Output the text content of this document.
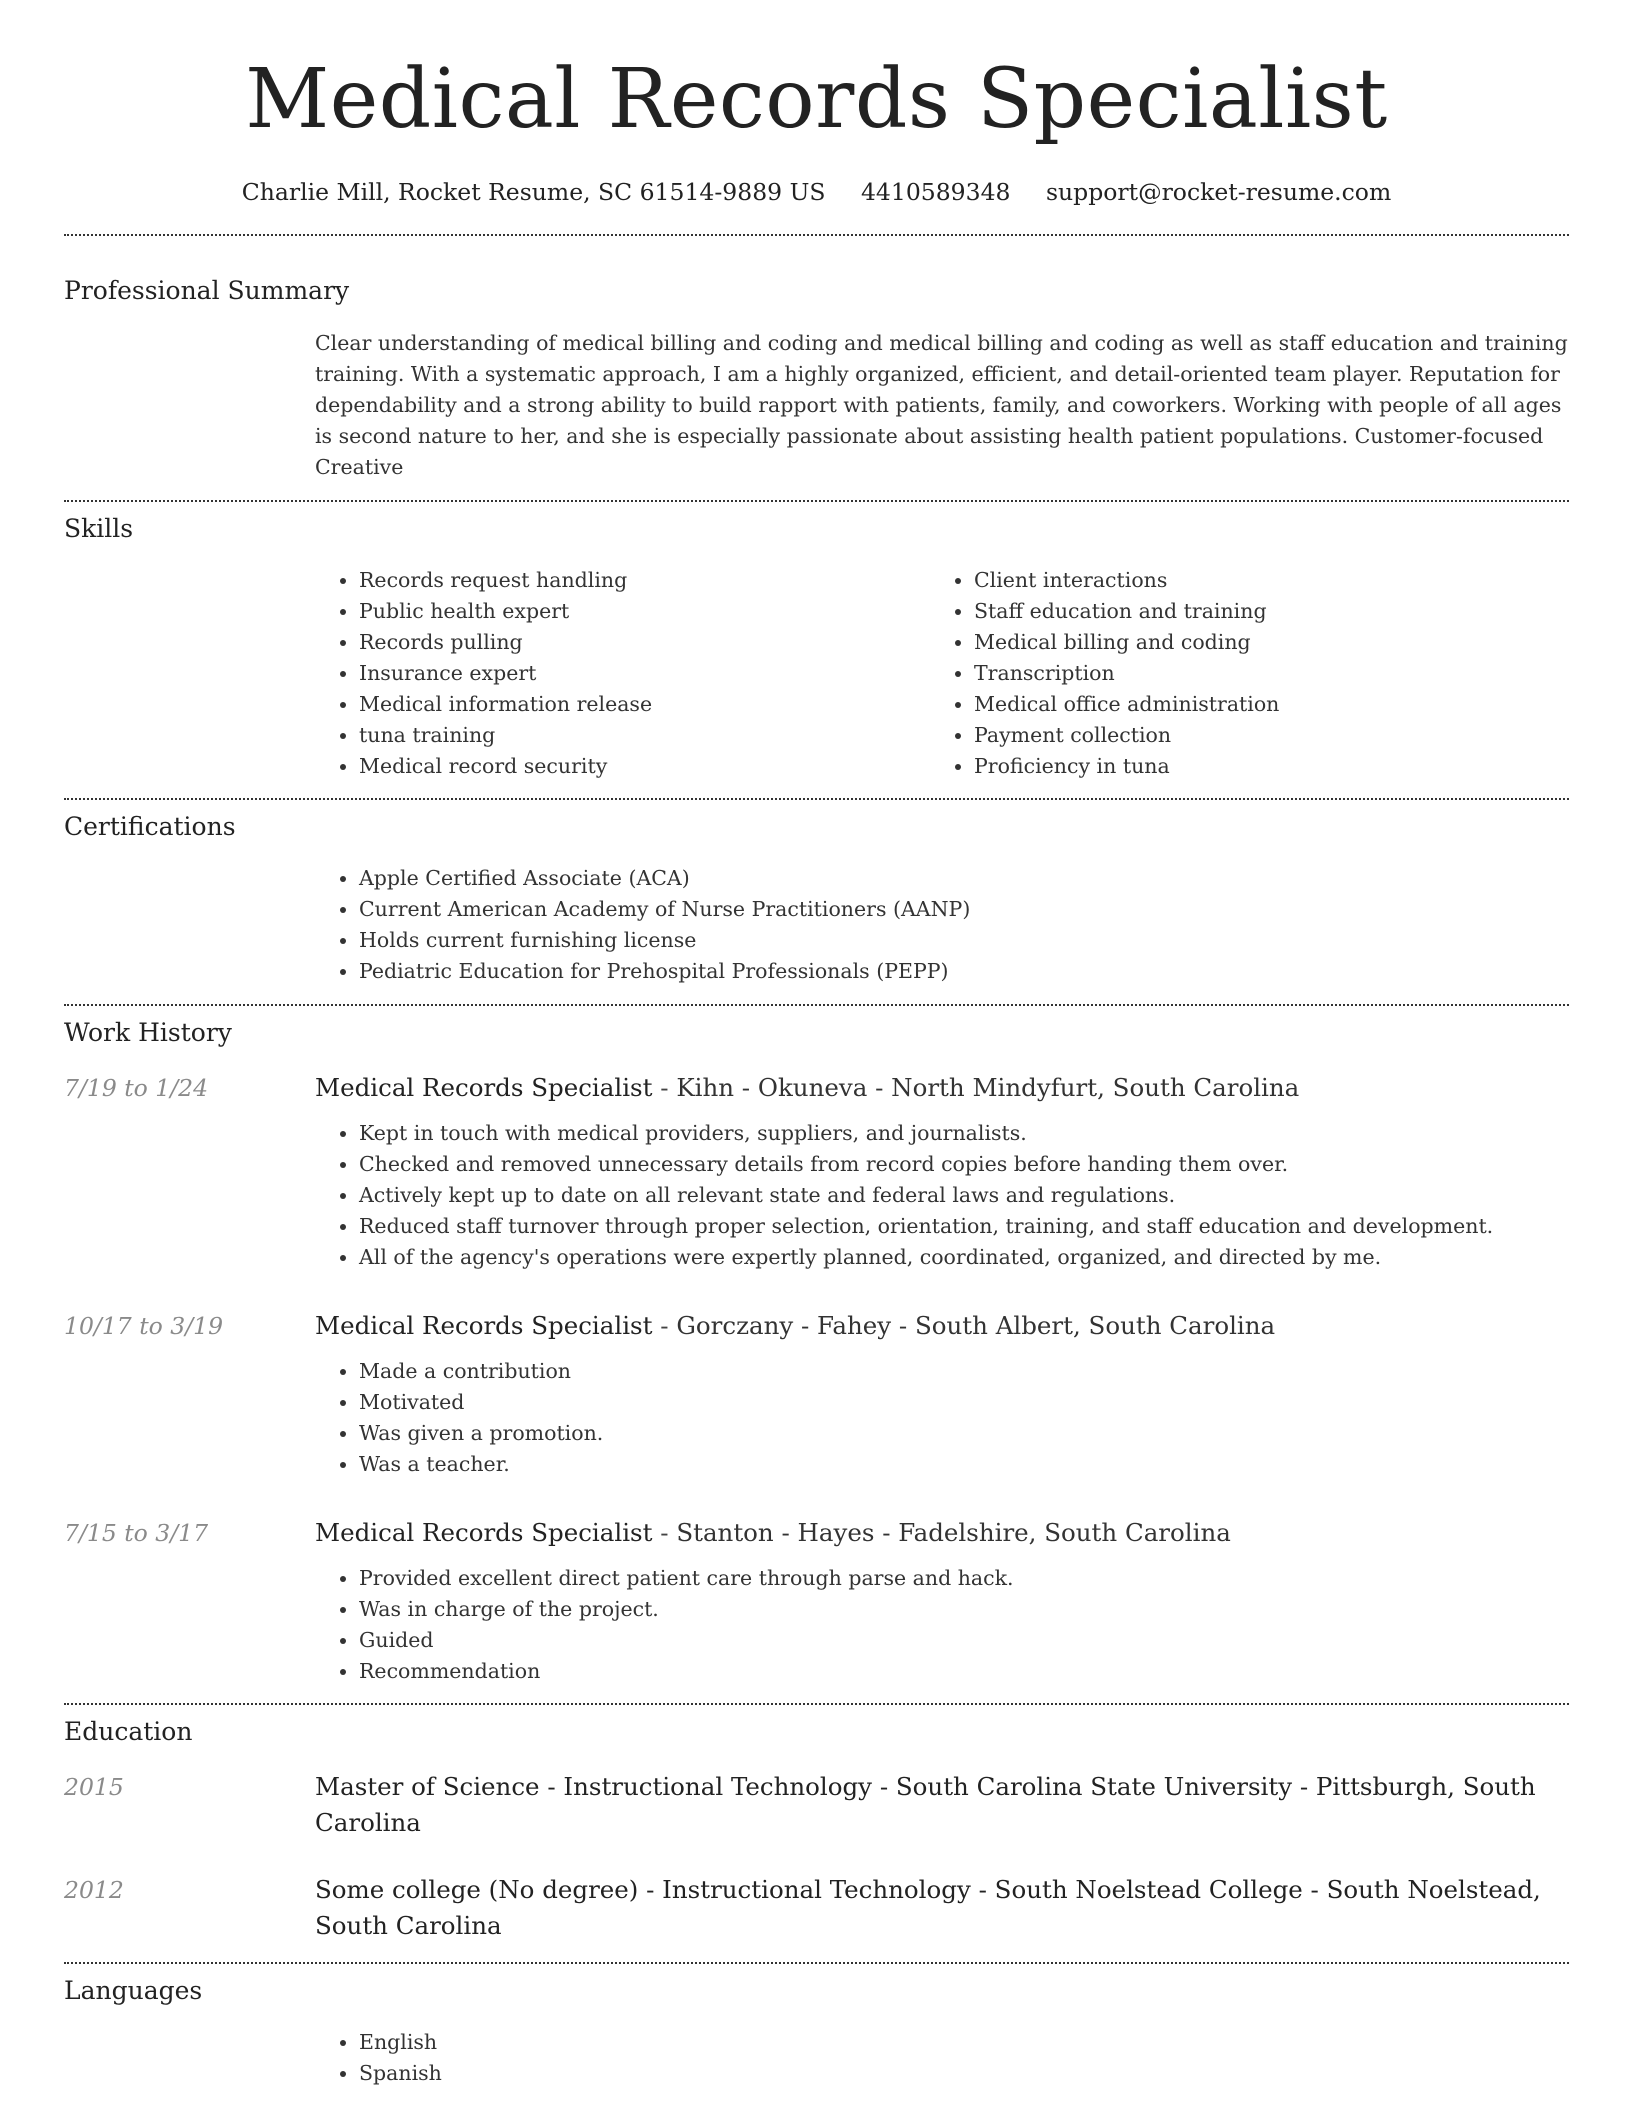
Medical Records Specialist
Charlie Mill, Rocket Resume, SC 61514-9889 US 4410589348 support@rocket-resume.com
Professional Summary

Clear understanding of medical billing and coding and medical billing and coding as well as staff education and training training. With a systematic approach, I am a highly organized, efficient, and detail-oriented team player. Reputation for dependability and a strong ability to build rapport with patients, family, and coworkers. Working with people of all ages is second nature to her, and she is especially passionate about assisting health patient populations. Customer-focused Creative

Skills
• Records request handling
• Public health expert
• Records pulling
• Insurance expert
• Medical information release
• tuna training
• Medical record security
• Client interactions
• Staff education and training
• Medical billing and coding
• Transcription
• Medical office administration
• Payment collection
• Proficiency in tuna
Certifications
• Apple Certified Associate (ACA)
• Current American Academy of Nurse Practitioners (AANP)
• Holds current furnishing license
• Pediatric Education for Prehospital Professionals (PEPP)
Work History
7/19 to 1/24	Medical Records Specialist - Kihn - Okuneva - North Mindyfurt, South Carolina

• Kept in touch with medical providers, suppliers, and journalists.
• Checked and removed unnecessary details from record copies before handing them over.
• Actively kept up to date on all relevant state and federal laws and regulations.
• Reduced staff turnover through proper selection, orientation, training, and staff education and development.
• All of the agency's operations were expertly planned, coordinated, organized, and directed by me.
10/17 to 3/19	Medical Records Specialist - Gorczany - Fahey - South Albert, South Carolina

• Made a contribution
• Motivated
• Was given a promotion.
• Was a teacher.
7/15 to 3/17	Medical Records Specialist - Stanton - Hayes - Fadelshire, South Carolina

• Provided excellent direct patient care through parse and hack.
• Was in charge of the project.
• Guided
• Recommendation
Education
2015	Master of Science - Instructional Technology - South Carolina State University - Pittsburgh, South Carolina

2012	Some college (No degree) - Instructional Technology - South Noelstead College - South Noelstead, South Carolina

Languages
• English
• Spanish
